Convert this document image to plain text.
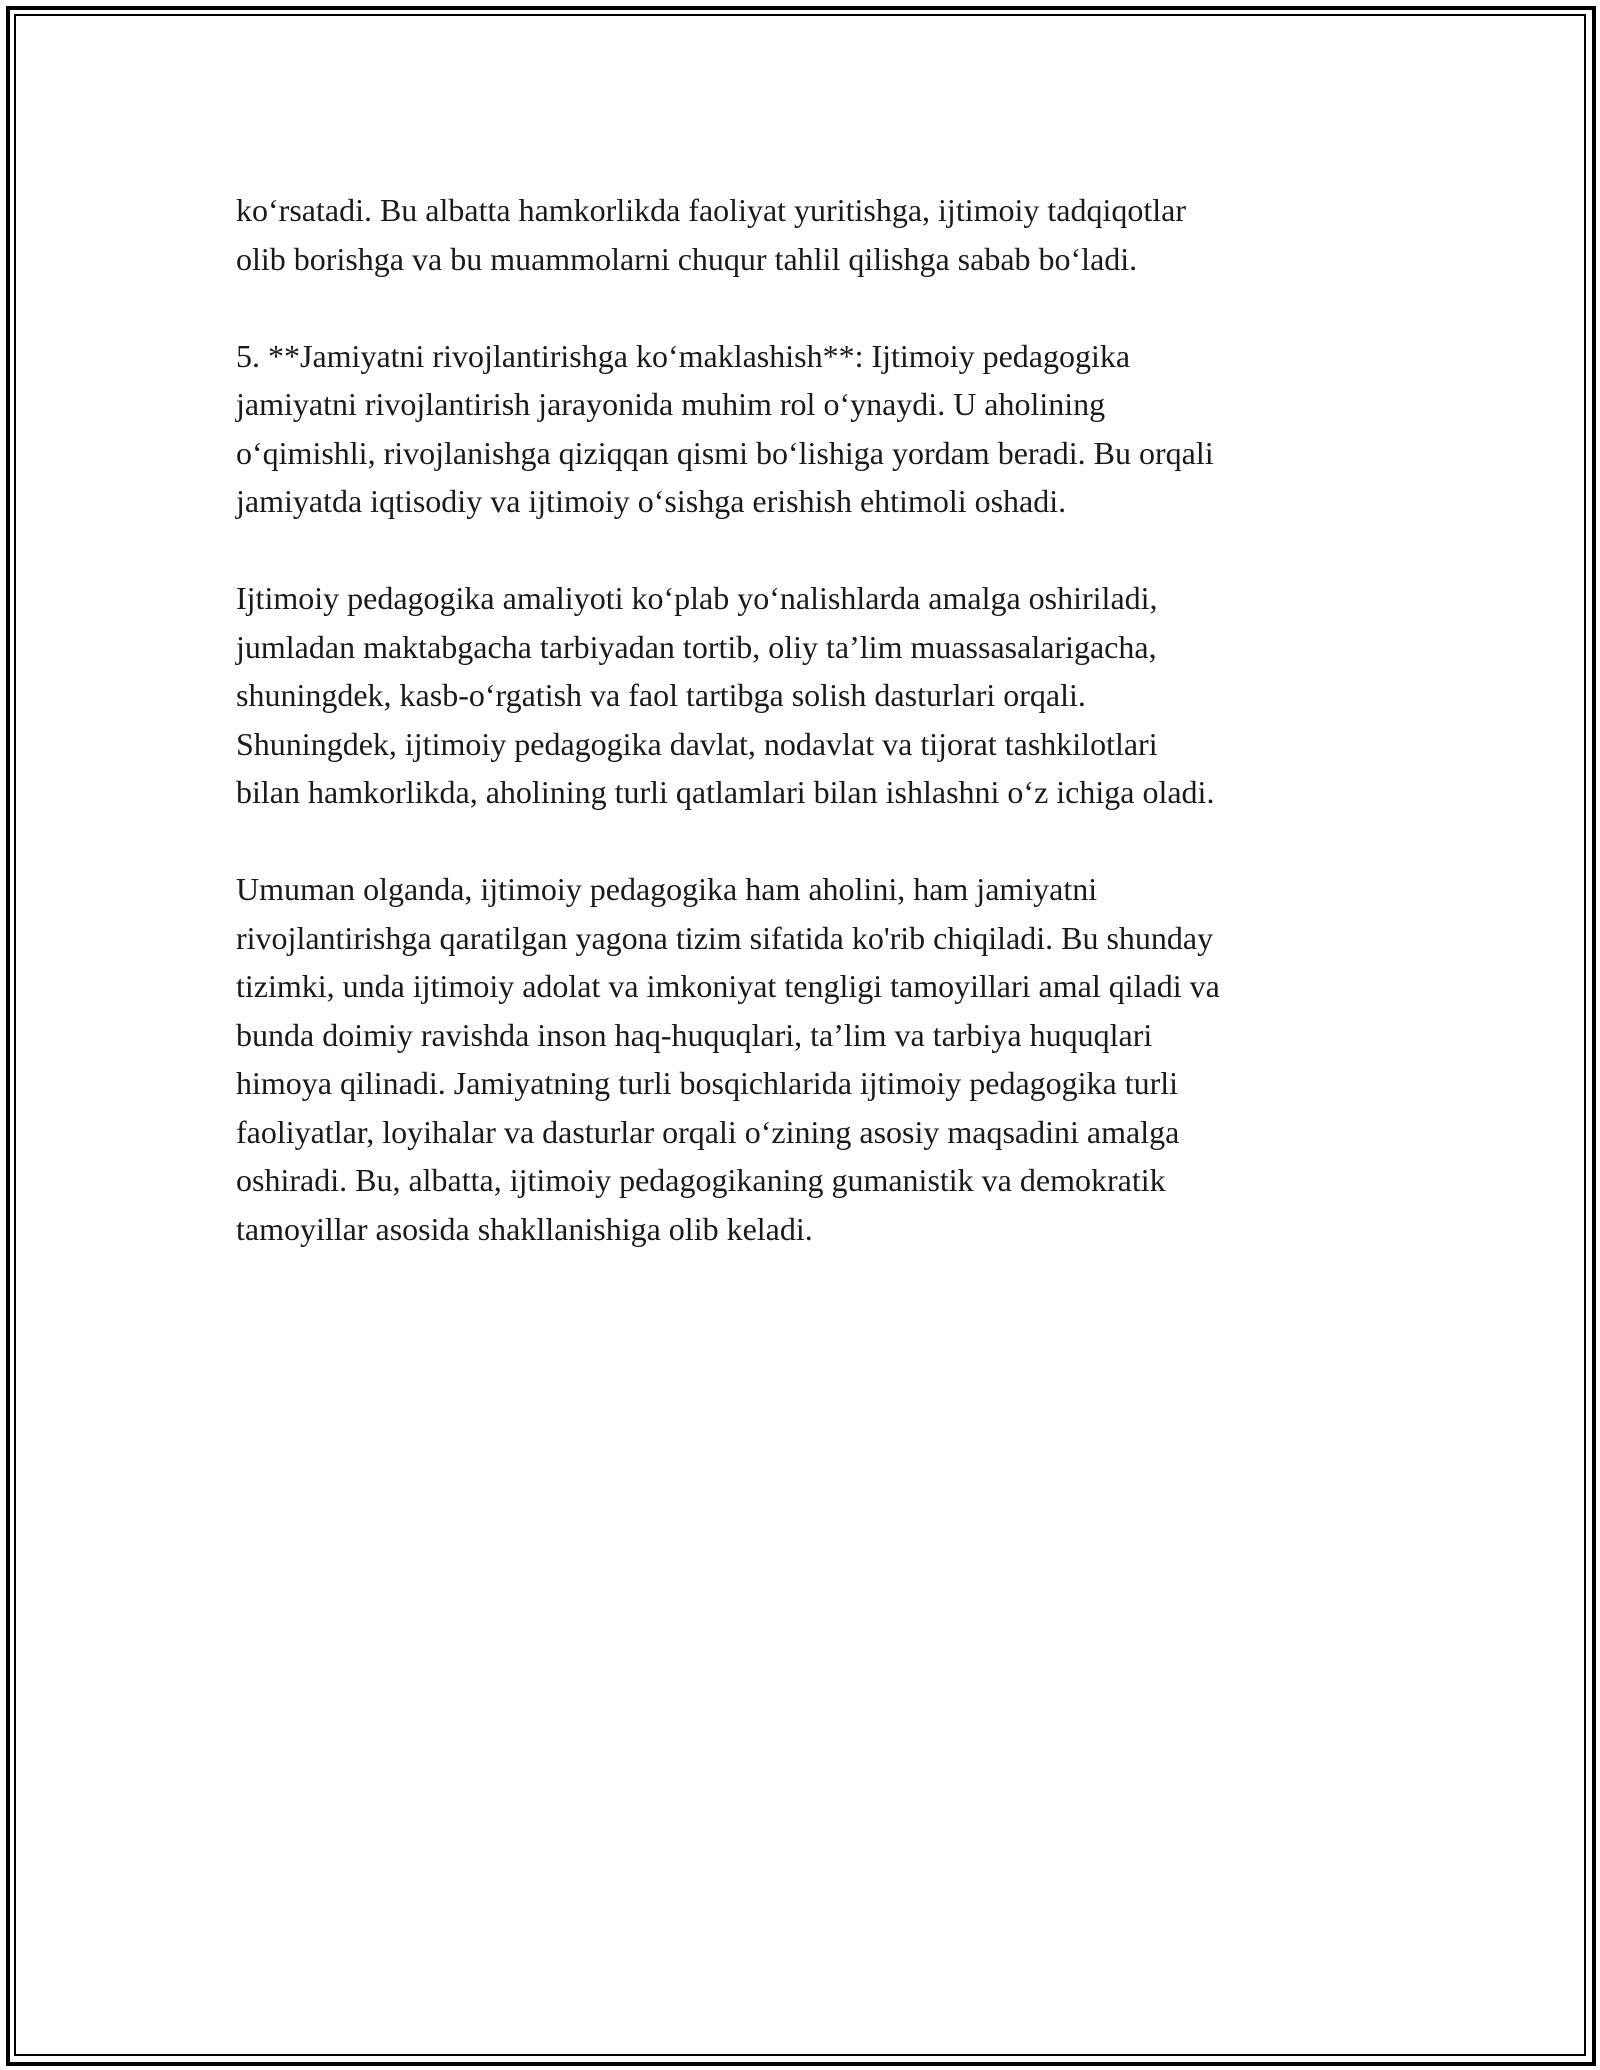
ko‘rsatadi. Bu albatta hamkorlikda faoliyat yuritishga, ijtimoiy tadqiqotlar
olib borishga va bu muammolarni chuqur tahlil qilishga sabab bo‘ladi.
5. **Jamiyatni rivojlantirishga ko‘maklashish**: Ijtimoiy pedagogika
jamiyatni rivojlantirish jarayonida muhim rol o‘ynaydi. U aholining
o‘qimishli, rivojlanishga qiziqqan qismi bo‘lishiga yordam beradi. Bu orqali
jamiyatda iqtisodiy va ijtimoiy o‘sishga erishish ehtimoli oshadi.
Ijtimoiy pedagogika amaliyoti ko‘plab yo‘nalishlarda amalga oshiriladi,
jumladan maktabgacha tarbiyadan tortib, oliy ta’lim muassasalarigacha,
shuningdek, kasb-o‘rgatish va faol tartibga solish dasturlari orqali.
Shuningdek, ijtimoiy pedagogika davlat, nodavlat va tijorat tashkilotlari
bilan hamkorlikda, aholining turli qatlamlari bilan ishlashni o‘z ichiga oladi.
Umuman olganda, ijtimoiy pedagogika ham aholini, ham jamiyatni
rivojlantirishga qaratilgan yagona tizim sifatida ko'rib chiqiladi. Bu shunday
tizimki, unda ijtimoiy adolat va imkoniyat tengligi tamoyillari amal qiladi va
bunda doimiy ravishda inson haq-huquqlari, ta’lim va tarbiya huquqlari
himoya qilinadi. Jamiyatning turli bosqichlarida ijtimoiy pedagogika turli
faoliyatlar, loyihalar va dasturlar orqali o‘zining asosiy maqsadini amalga
oshiradi. Bu, albatta, ijtimoiy pedagogikaning gumanistik va demokratik
tamoyillar asosida shakllanishiga olib keladi.
